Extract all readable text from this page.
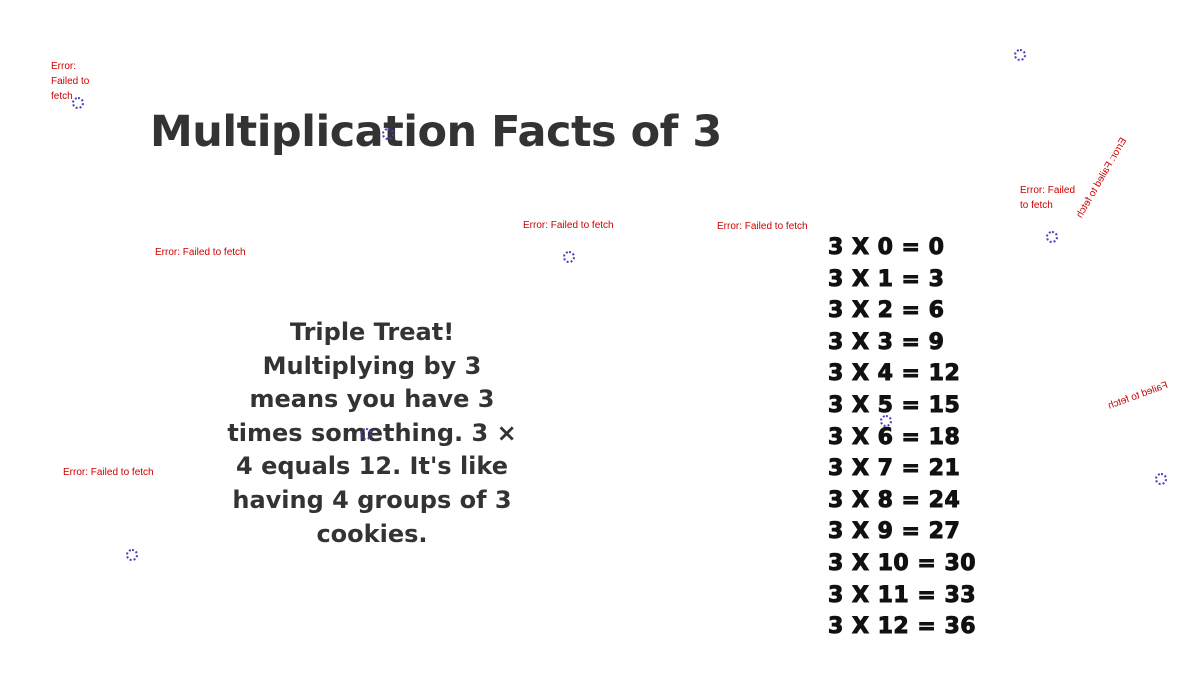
Multiplication Facts of 3

Triple Treat! Multiplying by 3 means you have 3 times something. 3 × 4 equals 12. It's like having 4 groups of 3 cookies.

3 X 0 = 0
3 X 1 = 3
3 X 2 = 6
3 X 3 = 9
3 X 4 = 12
3 X 5 = 15
3 X 6 = 18
3 X 7 = 21
3 X 8 = 24
3 X 9 = 27
3 X 10 = 30
3 X 11 = 33
3 X 12 = 36
Error: Failed to fetch
Error: Failed to fetch
Error: Failed to fetch	Error: Failed to fetch
Error: Failed to fetch
Error: Failed to fetch
Error: Failed to fetch
Failed to fetch
